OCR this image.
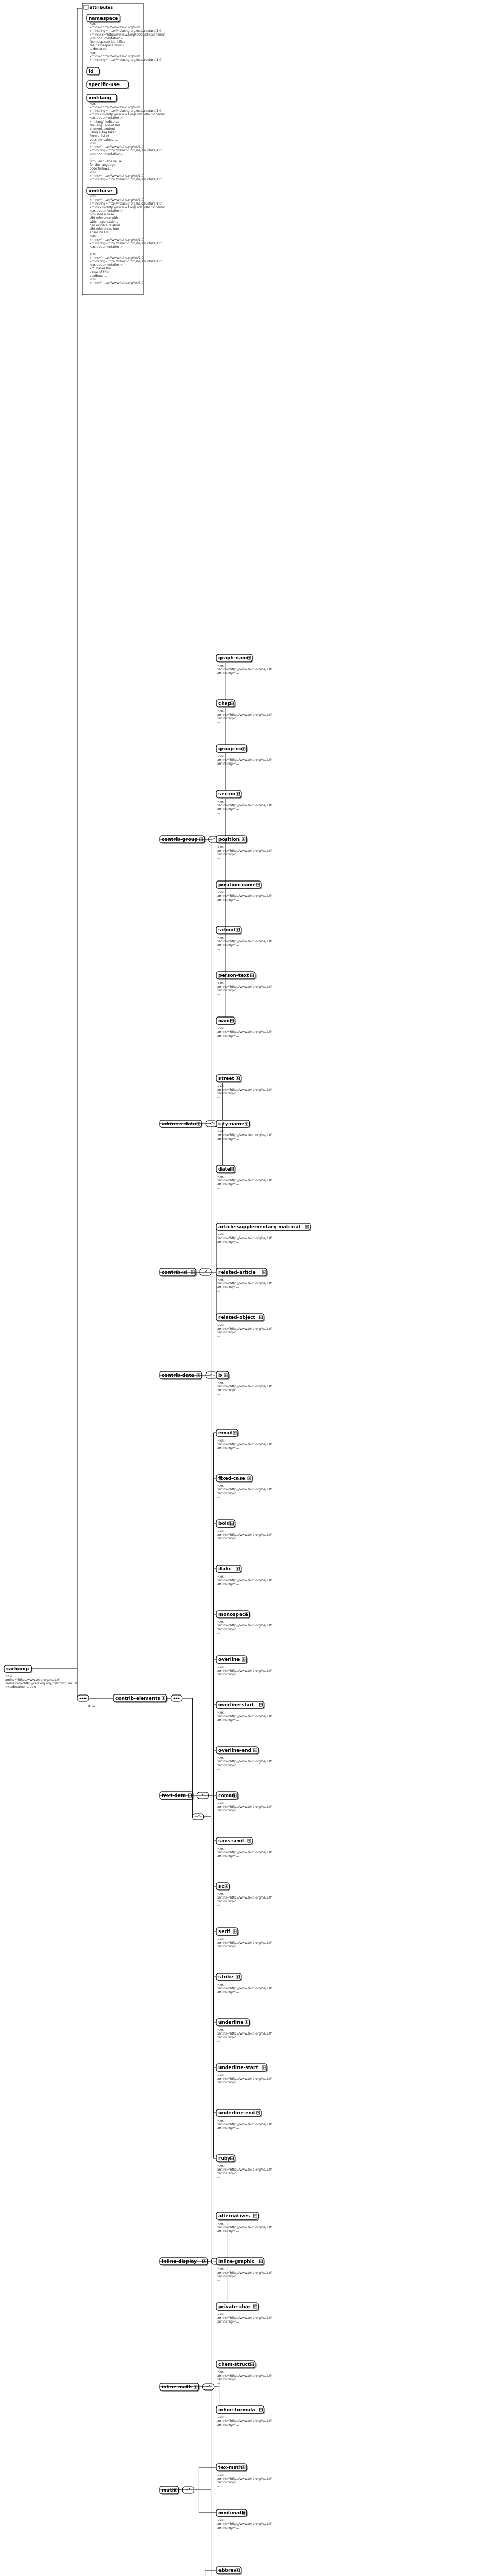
carhamp
<xs:
xmlns='http://www.tei-c.org/ns/1.0'
xmlns:rng='http://relaxng.org/ns/structure/1.0'
<xs:documentation
...
attributes
namespace
<xs:
xmlns='http://www.tei-c.org/ns/1.0'
xmlns:rng='http://relaxng.org/ns/structure/1.0'
xmlns:xs='http://www.w3.org/2001/XMLSchema'
<xs:documentation>
(namespace) identifies
the namespace which
is declared...
<xs:
xmlns='http://www.tei-c.org/ns/1.0'
xmlns:rng='http://relaxng.org/ns/structure/1.0'
id
specific-use
xml:lang
<xs:
xmlns='http://www.tei-c.org/ns/1.0'
xmlns:rng='http://relaxng.org/ns/structure/1.0'
xmlns:xs='http://www.w3.org/2001/XMLSchema'
<xs:documentation>
xml:lang) indicates
the language of the
element content
using a tag taken
from a list of
possible values. ...
<xs:
xmlns='http://www.tei-c.org/ns/1.0'
xmlns:rng='http://relaxng.org/ns/structure/1.0'
<xs:documentation>
...
(xml:lang) The value
for the language
code follows ...
<xs:
xmlns='http://www.tei-c.org/ns/1.0'
xmlns:rng='http://relaxng.org/ns/structure/1.0'
xml:base
<xs:
xmlns='http://www.tei-c.org/ns/1.0'
xmlns:rng='http://relaxng.org/ns/structure/1.0'
xmlns:xs='http://www.w3.org/2001/XMLSchema'
<xs:documentation>
provides a base
URI reference with
which applications
can resolve relative
URI references into
absolute URI ...
<xs:
xmlns='http://www.tei-c.org/ns/1.0'
xmlns:rng='http://relaxng.org/ns/structure/1.0'
<xs:documentation>
...
<xs:
xmlns='http://www.tei-c.org/ns/1.0'
xmlns:rng='http://relaxng.org/ns/structure/1.0'
<xs:documentation>
xml:base) the
value of this
attribute ...
<xs:
xmlns='http://www.tei-c.org/ns/1.0'
contrib-elements
0..∞
contrib-group
graph-name
<xs:
xmlns='http://www.tei-c.org/ns/1.0'
xmlns:rng='...'
...
chap
<xs:
xmlns='http://www.tei-c.org/ns/1.0'
xmlns:rng='...'
...
group-no
<xs:
xmlns='http://www.tei-c.org/ns/1.0'
xmlns:rng='...'
...
sec-no
<xs:
xmlns='http://www.tei-c.org/ns/1.0'
xmlns:rng='...'
...
position
<xs:
xmlns='http://www.tei-c.org/ns/1.0'
xmlns:rng='...'
...
position-name
<xs:
xmlns='http://www.tei-c.org/ns/1.0'
xmlns:rng='...'
...
school
<xs:
xmlns='http://www.tei-c.org/ns/1.0'
xmlns:rng='...'
...
person-text
<xs:
xmlns='http://www.tei-c.org/ns/1.0'
xmlns:rng='...'
...
name
<xs:
xmlns='http://www.tei-c.org/ns/1.0'
xmlns:rng='...'
...
address-data
street
<xs:
xmlns='http://www.tei-c.org/ns/1.0'
xmlns:rng='...'
...
city-name
<xs:
xmlns='http://www.tei-c.org/ns/1.0'
xmlns:rng='...'
...
date
<xs:
xmlns='http://www.tei-c.org/ns/1.0'
xmlns:rng='...'
...
contrib-id
article-supplementary-material
<xs:
xmlns='http://www.tei-c.org/ns/1.0'
xmlns:rng='...'
...
related-article
<xs:
xmlns='http://www.tei-c.org/ns/1.0'
xmlns:rng='...'
...
related-object
<xs:
xmlns='http://www.tei-c.org/ns/1.0'
xmlns:rng='...'
...
contrib-data	b
<xs:
xmlns='http://www.tei-c.org/ns/1.0'
xmlns:rng='...'
...
text-data
email
<xs:
xmlns='http://www.tei-c.org/ns/1.0'
xmlns:rng='...'
...
fixed-case
<xs:
xmlns='http://www.tei-c.org/ns/1.0'
xmlns:rng='...'
...
bold
<xs:
xmlns='http://www.tei-c.org/ns/1.0'
xmlns:rng='...'
...
italic
<xs:
xmlns='http://www.tei-c.org/ns/1.0'
xmlns:rng='...'
...
monospace
<xs:
xmlns='http://www.tei-c.org/ns/1.0'
xmlns:rng='...'
...
overline
<xs:
xmlns='http://www.tei-c.org/ns/1.0'
xmlns:rng='...'
...
overline-start
<xs:
xmlns='http://www.tei-c.org/ns/1.0'
xmlns:rng='...'
...
overline-end
<xs:
xmlns='http://www.tei-c.org/ns/1.0'
xmlns:rng='...'
...
roman
<xs:
xmlns='http://www.tei-c.org/ns/1.0'
xmlns:rng='...'
...
sans-serif
<xs:
xmlns='http://www.tei-c.org/ns/1.0'
xmlns:rng='...'
...
sc
<xs:
xmlns='http://www.tei-c.org/ns/1.0'
xmlns:rng='...'
...
serif
<xs:
xmlns='http://www.tei-c.org/ns/1.0'
xmlns:rng='...'
...
strike
<xs:
xmlns='http://www.tei-c.org/ns/1.0'
xmlns:rng='...'
...
underline
<xs:
xmlns='http://www.tei-c.org/ns/1.0'
xmlns:rng='...'
...
underline-start
<xs:
xmlns='http://www.tei-c.org/ns/1.0'
xmlns:rng='...'
...
underline-end
<xs:
xmlns='http://www.tei-c.org/ns/1.0'
xmlns:rng='...'
...
ruby
<xs:
xmlns='http://www.tei-c.org/ns/1.0'
xmlns:rng='...'
...
inline-display
alternatives
<xs:
xmlns='http://www.tei-c.org/ns/1.0'
xmlns:rng='...'
...
inline-graphic
<xs:
xmlns='http://www.tei-c.org/ns/1.0'
xmlns:rng='...'
...
private-char
<xs:
xmlns='http://www.tei-c.org/ns/1.0'
xmlns:rng='...'
...
inline-math
chem-struct
<xs:
xmlns='http://www.tei-c.org/ns/1.0'
xmlns:rng='...'
...
inline-formula
<xs:
xmlns='http://www.tei-c.org/ns/1.0'
xmlns:rng='...'
...
math
tex-math
<xs:
xmlns='http://www.tei-c.org/ns/1.0'
xmlns:rng='...'
...
mml:math
<xs:
xmlns='http://www.tei-c.org/ns/1.0'
xmlns:rng='...'
...
abbrev
